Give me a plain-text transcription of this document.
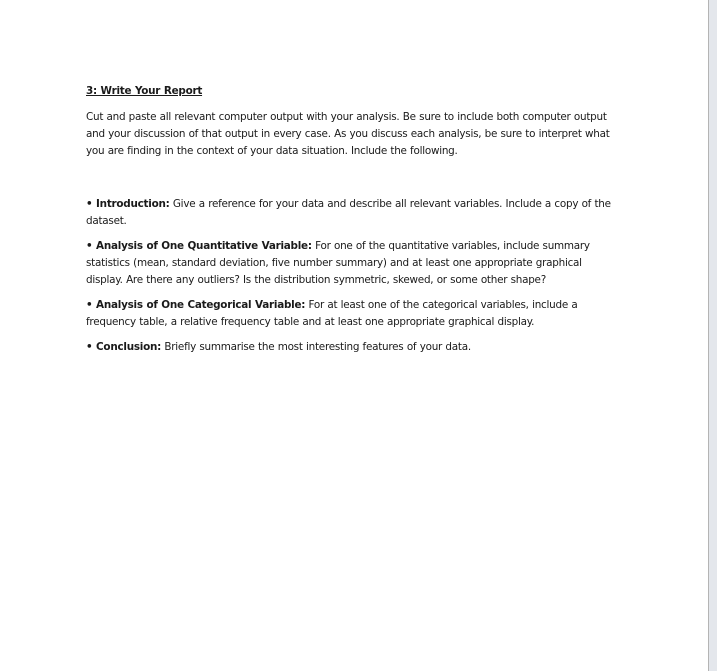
3: Write Your Report

Cut and paste all relevant computer output with your analysis. Be sure to include both computer output and your discussion of that output in every case. As you discuss each analysis, be sure to interpret what you are finding in the context of your data situation. Include the following.

• Introduction: Give a reference for your data and describe all relevant variables. Include a copy of the dataset.

• Analysis of One Quantitative Variable: For one of the quantitative variables, include summary statistics (mean, standard deviation, five number summary) and at least one appropriate graphical display. Are there any outliers? Is the distribution symmetric, skewed, or some other shape?

• Analysis of One Categorical Variable: For at least one of the categorical variables, include a frequency table, a relative frequency table and at least one appropriate graphical display.

• Conclusion: Briefly summarise the most interesting features of your data.
